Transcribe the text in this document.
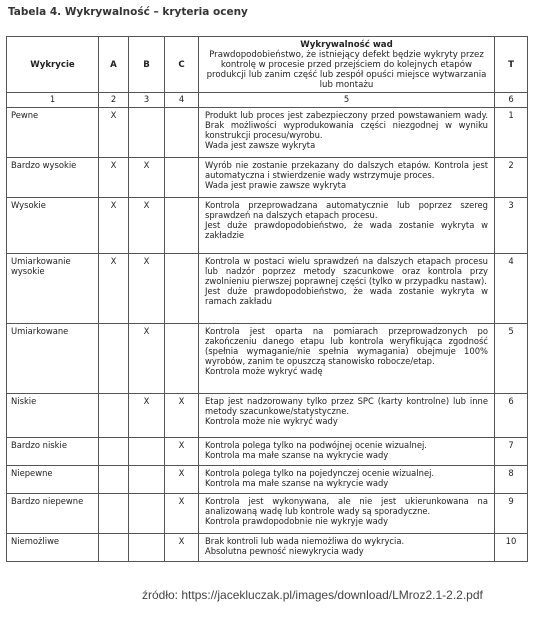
Tabela 4. Wykrywalność – kryteria oceny
Wykrycie	A	B	C	Wykrywalność wad
Prawdopodobieństwo, że istniejący defekt będzie wykryty przez kontrolę w procesie przed przejściem do kolejnych etapów produkcji lub zanim część lub zespół opuści miejsce wytwarzania lub montażu	T
1	2	3	4	5	6
Pewne	X			Produkt lub proces jest zabezpieczony przed powstawaniem wady. Brak możliwości wyprodukowania części niezgodnej w wyniku konstrukcji procesu/wyrobu.
Wada jest zawsze wykryta	1
Bardzo wysokie	X	X		Wyrób nie zostanie przekazany do dalszych etapów. Kontrola jest automatyczna i stwierdzenie wady wstrzymuje proces.
Wada jest prawie zawsze wykryta	2
Wysokie	X	X		Kontrola przeprowadzana automatycznie lub poprzez szereg sprawdzeń na dalszych etapach procesu.
Jest duże prawdopodobieństwo, że wada zostanie wykryta w zakładzie	3
Umiarkowanie wysokie	X	X		Kontrola w postaci wielu sprawdzeń na dalszych etapach procesu lub nadzór poprzez metody szacunkowe oraz kontrola przy zwolnieniu pierwszej poprawnej części (tylko w przypadku nastaw).
Jest duże prawdopodobieństwo, że wada zostanie wykryta w ramach zakładu	4
Umiarkowane		X		Kontrola jest oparta na pomiarach przeprowadzonych po zakończeniu danego etapu lub kontrola weryfikująca zgodność (spełnia wymaganie/nie spełnia wymagania) obejmuje 100% wyrobów, zanim te opuszczą stanowisko robocze/etap.
Kontrola może wykryć wadę	5
Niskie		X	X	Etap jest nadzorowany tylko przez SPC (karty kontrolne) lub inne metody szacunkowe/statystyczne.
Kontrola może nie wykryć wady	6
Bardzo niskie			X	Kontrola polega tylko na podwójnej ocenie wizualnej.
Kontrola ma małe szanse na wykrycie wady	7
Niepewne			X	Kontrola polega tylko na pojedynczej ocenie wizualnej.
Kontrola ma małe szanse na wykrycie wady	8
Bardzo niepewne			X	Kontrola jest wykonywana, ale nie jest ukierunkowana na analizowaną wadę lub kontrole wady są sporadyczne.
Kontrola prawdopodobnie nie wykryje wady	9
Niemożliwe			X	Brak kontroli lub wada niemożliwa do wykrycia.
Absolutna pewność niewykrycia wady	10
źródło: https://jacekluczak.pl/images/download/LMroz2.1-2.2.pdf
